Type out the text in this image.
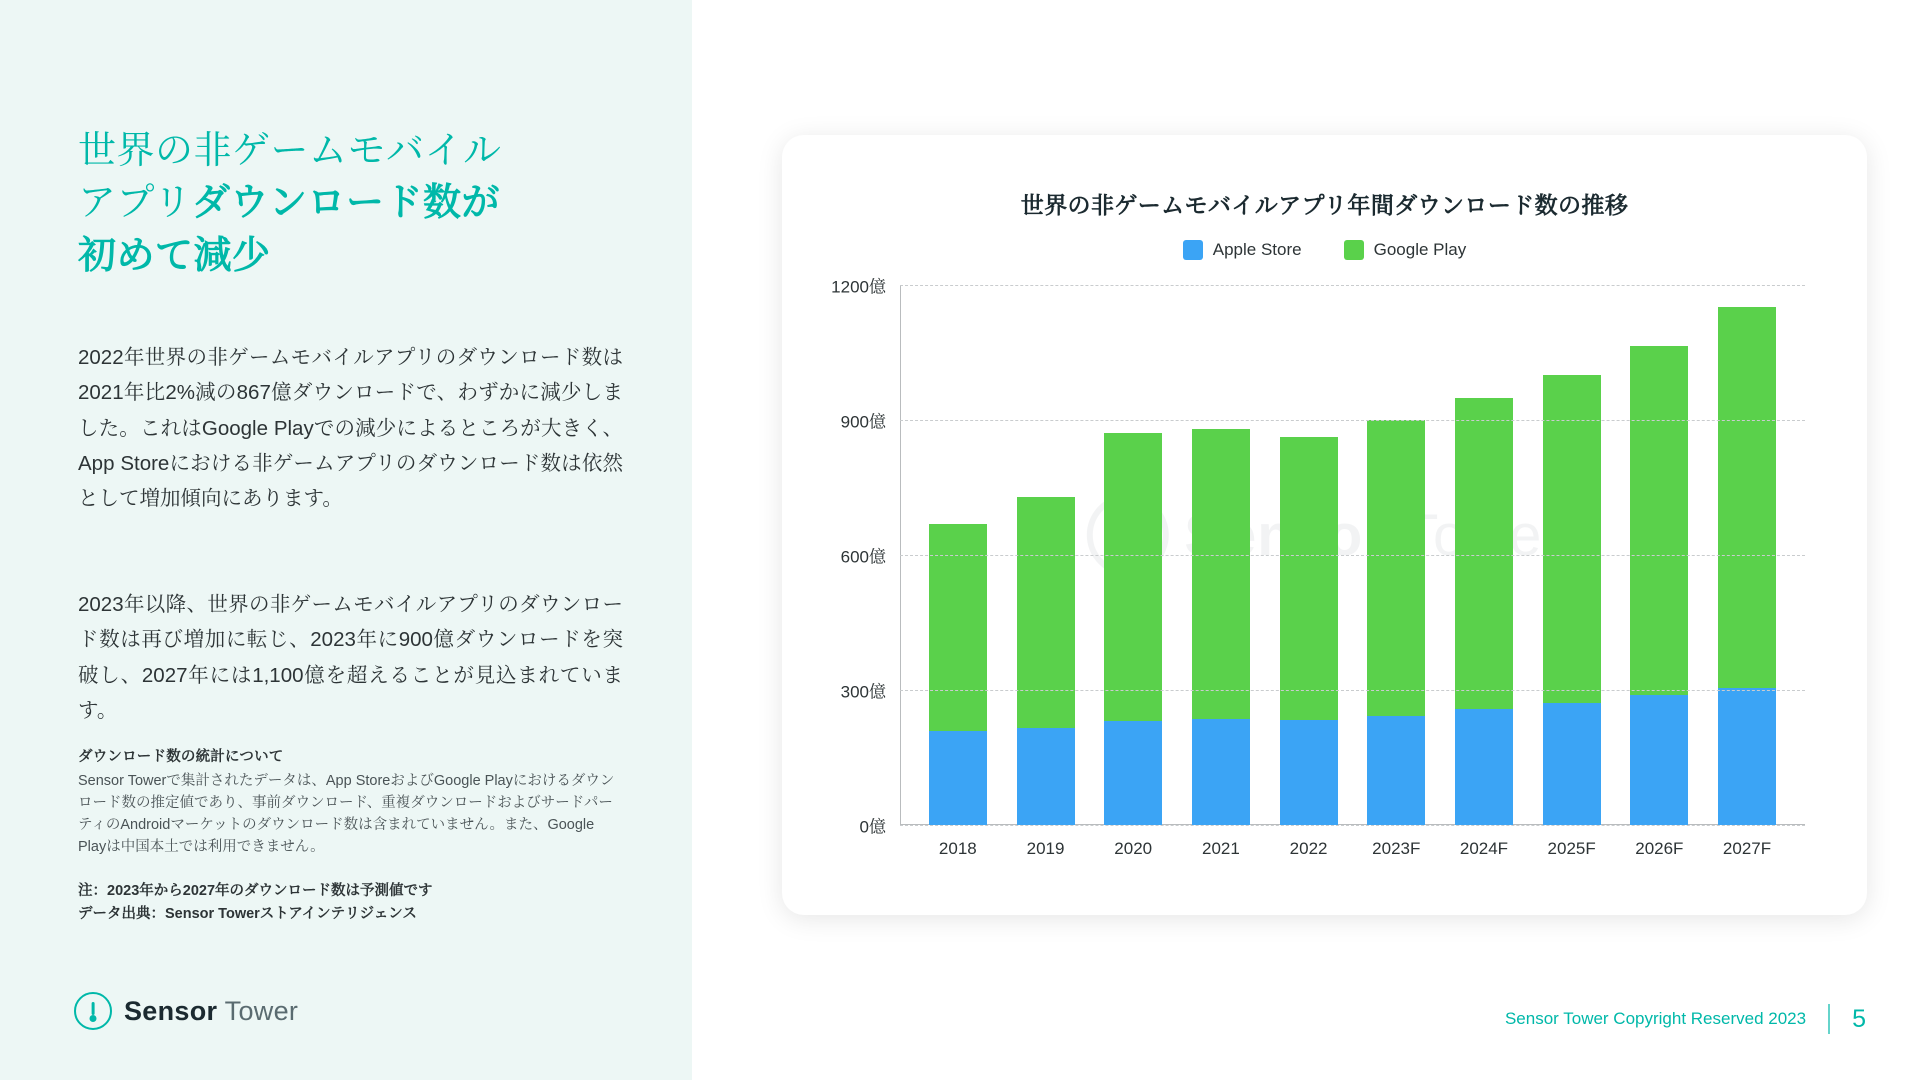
世界の非ゲームモバイル
アプリダウンロード数が
初めて減少
2022年世界の非ゲームモバイルアプリのダウンロード数は2021年比2%減の867億ダウンロードで、わずかに減少しました。これはGoogle Playでの減少によるところが大きく、App Storeにおける非ゲームアプリのダウンロード数は依然として増加傾向にあります。
2023年以降、世界の非ゲームモバイルアプリのダウンロード数は再び増加に転じ、2023年に900億ダウンロードを突破し、2027年には1,100億を超えることが見込まれています。
ダウンロード数の統計について
Sensor Towerで集計されたデータは、App StoreおよびGoogle Playにおけるダウンロード数の推定値であり、事前ダウンロード、重複ダウンロードおよびサードパーティのAndroidマーケットのダウンロード数は含まれていません。また、Google Playは中国本土では利用できません。
注：2023年から2027年のダウンロード数は予測値です
データ出典：Sensor Towerストアインテリジェンス
Sensor Tower
世界の非ゲームモバイルアプリ年間ダウンロード数の推移
Apple Store	Google Play
2018	2019	2020	2021	2022	2023F 2024F 2025F 2026F 2027F
0億
300億
600億
900億
1200億
Sensor Tower Copyright Reserved 2023 5
